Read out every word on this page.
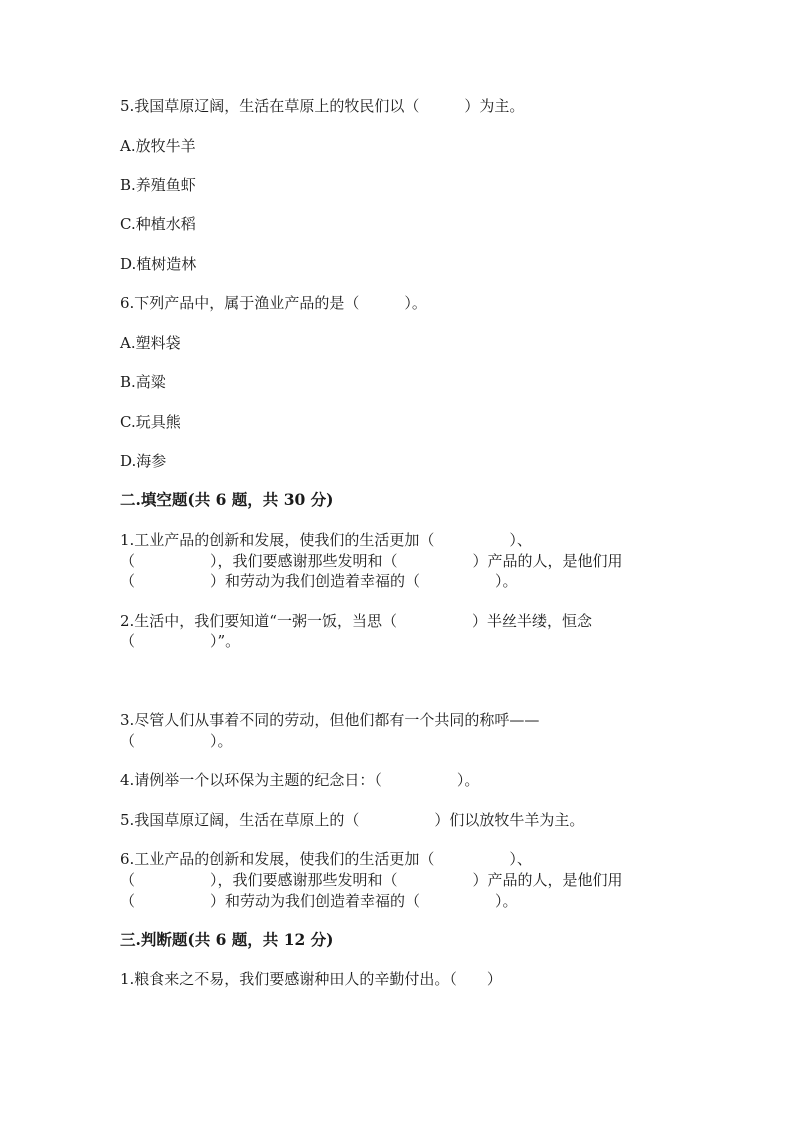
5.我国草原辽阔，生活在草原上的牧民们以（　　　）为主。
A.放牧牛羊
B.养殖鱼虾
C.种植水稻
D.植树造林
6.下列产品中，属于渔业产品的是（　　　）。
A.塑料袋
B.高粱
C.玩具熊
D.海参
二.填空题(共 6 题，共 30 分)
1.工业产品的创新和发展，使我们的生活更加（　　　　　）、
（　　　　　），我们要感谢那些发明和（　　　　　）产品的人，是他们用
（　　　　　）和劳动为我们创造着幸福的（　　　　　）。
2.生活中，我们要知道“一粥一饭，当思（　　　　　）半丝半缕，恒念
（　　　　　）”。
3.尽管人们从事着不同的劳动，但他们都有一个共同的称呼——
（　　　　　）。
4.请例举一个以环保为主题的纪念日：（　　　　　）。
5.我国草原辽阔，生活在草原上的（　　　　　）们以放牧牛羊为主。
6.工业产品的创新和发展，使我们的生活更加（　　　　　）、
（　　　　　），我们要感谢那些发明和（　　　　　）产品的人，是他们用
（　　　　　）和劳动为我们创造着幸福的（　　　　　）。
三.判断题(共 6 题，共 12 分)
1.粮食来之不易，我们要感谢种田人的辛勤付出。（　　）
